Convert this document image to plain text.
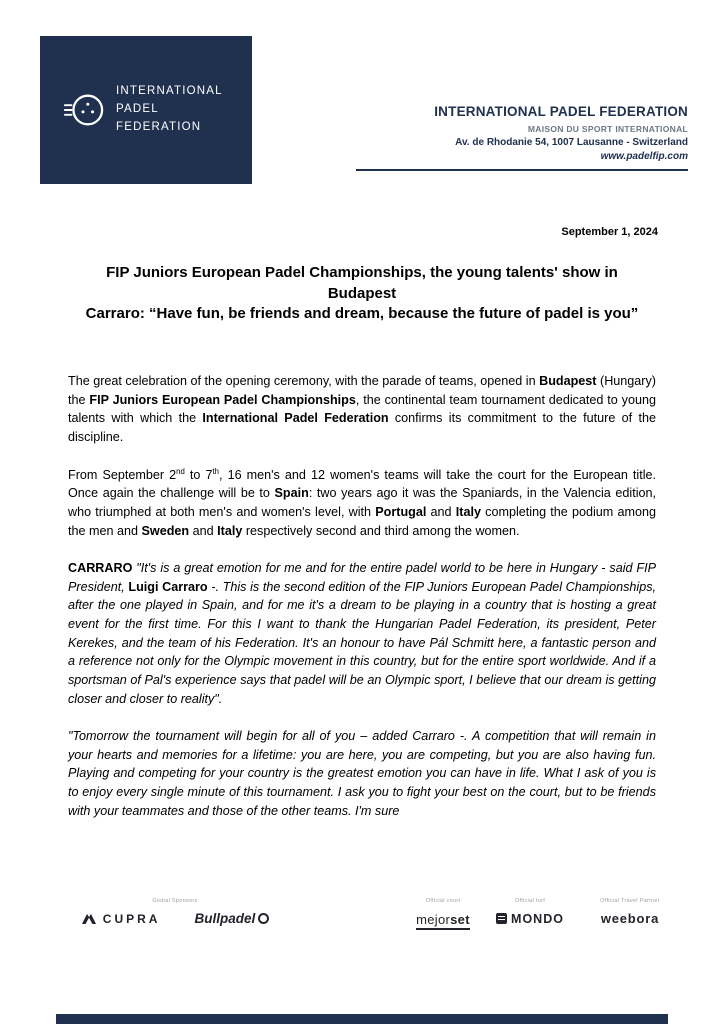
INTERNATIONAL
PADEL
FEDERATION
INTERNATIONAL PADEL FEDERATION
MAISON DU SPORT INTERNATIONAL
Av. de Rhodanie 54, 1007 Lausanne - Switzerland
www.padelfip.com
September 1, 2024
FIP Juniors European Padel Championships, the young talents' show in Budapest
Carraro: “Have fun, be friends and dream, because the future of padel is you”

The great celebration of the opening ceremony, with the parade of teams, opened in Budapest (Hungary) the FIP Juniors European Padel Championships, the continental team tournament dedicated to young talents with which the International Padel Federation confirms its commitment to the future of the discipline.

From September 2nd to 7th, 16 men's and 12 women's teams will take the court for the European title. Once again the challenge will be to Spain: two years ago it was the Spaniards, in the Valencia edition, who triumphed at both men's and women's level, with Portugal and Italy completing the podium among the men and Sweden and Italy respectively second and third among the women.

CARRARO "It's is a great emotion for me and for the entire padel world to be here in Hungary - said FIP President, Luigi Carraro -. This is the second edition of the FIP Juniors European Padel Championships, after the one played in Spain, and for me it's a dream to be playing in a country that is hosting a great event for the first time. For this I want to thank the Hungarian Padel Federation, its president, Peter Kerekes, and the team of his Federation. It's an honour to have Pál Schmitt here, a fantastic person and a reference not only for the Olympic movement in this country, but for the entire sport worldwide. And if a sportsman of Pal's experience says that padel will be an Olympic sport, I believe that our dream is getting closer and closer to reality".

"Tomorrow the tournament will begin for all of you – added Carraro -. A competition that will remain in your hearts and memories for a lifetime: you are here, you are competing, but you are also having fun. Playing and competing for your country is the greatest emotion you can have in life. What I ask of you is to enjoy every single minute of this tournament. I ask you to fight your best on the court, but to be friends with your teammates and those of the other teams. I'm sure

Global Sponsors
CUPRA	Bullpadel
Official court
mejorset
Official turf
MONDO
Official Travel Partner
weebora
